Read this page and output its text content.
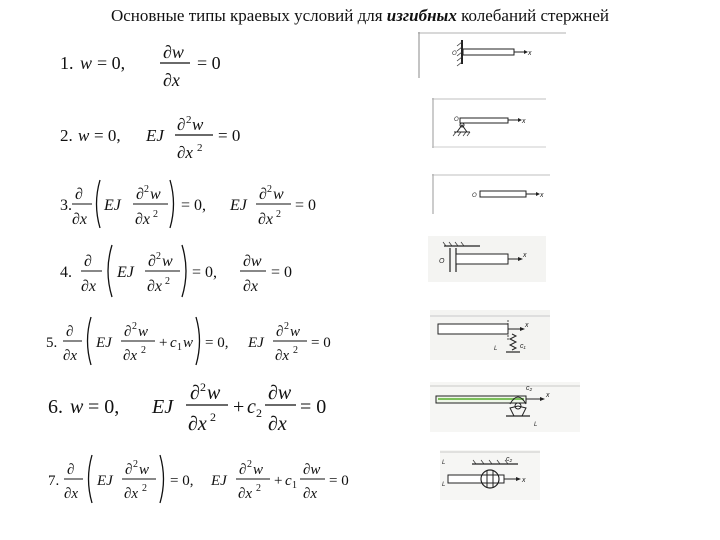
Основные типы краевых условий для изгибных колебаний стержней
1. w = 0,
∂w
∂x
= 0
2. w = 0, EJ
∂ 2 w
∂x 2
= 0
3.
∂
∂x
EJ
∂ 2 w
∂x 2
= 0, EJ
∂ 2 w
∂x 2
= 0
4.
∂
∂x
EJ
∂ 2 w
∂x 2
= 0,
∂w
∂x
= 0
5.
∂
∂x
EJ
∂ 2 w
∂x 2 + c 1 w = 0, EJ
∂ 2 w
∂x 2 = 0
6. w = 0, EJ
∂ 2 w
∂x 2 + c 2
∂w
∂x
= 0
7.
∂
∂x
EJ
∂ 2 w
∂x 2 = 0, EJ
∂ 2 w
∂x 2 + c 1
∂w
∂x
= 0
x
O
x
O
x
O
x
O
x
c₁
L
x
c₂
L
x
c₂
L
L
